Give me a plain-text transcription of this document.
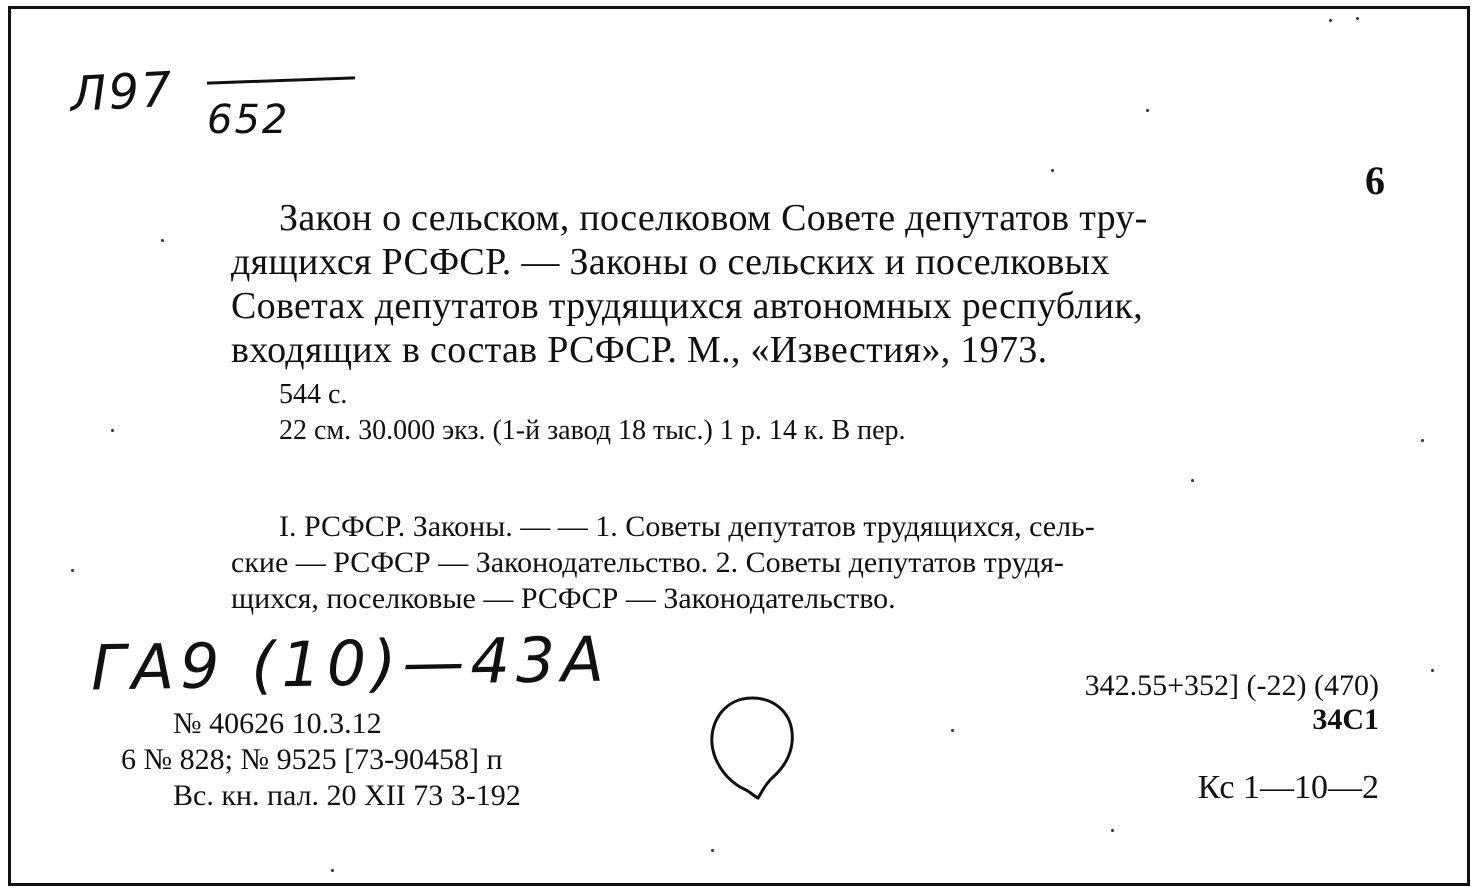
Л97 652
6
Закон о сельском, поселковом Совете депутатов тру-
дящихся РСФСР. — Законы о сельских и поселковых
Советах депутатов трудящихся автономных республик,
входящих в состав РСФСР. М., «Известия», 1973.
544 с.
22 см. 30.000 экз. (1-й завод 18 тыс.) 1 р. 14 к. В пер.
I. РСФСР. Законы. — — 1. Советы депутатов трудящихся, сель-
ские — РСФСР — Законодательство. 2. Советы депутатов трудя-
щихся, поселковые — РСФСР — Законодательство.
ГА9 (10)—43А
№ 40626 10.3.12
6 № 828; № 9525 [73-90458] п
Вс. кн. пал. 20 XII 73 З-192
342.55+352] (-22) (470)
34С1
Кс 1—10—2
